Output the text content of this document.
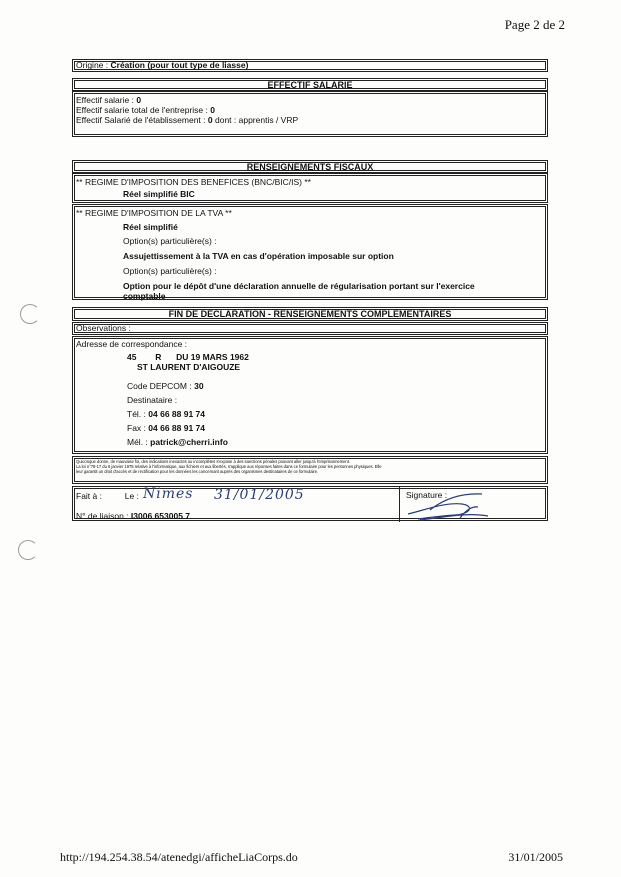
Page 2 de 2
Origine : Création (pour tout type de liasse)
EFFECTIF SALARIE
Effectif salarie : 0
Effectif salarie total de l'entreprise : 0
Effectif Salarié de l'établissement : 0 dont : apprentis / VRP
RENSEIGNEMENTS FISCAUX
** REGIME D'IMPOSITION DES BENEFICES (BNC/BIC/IS) **
Réel simplifié BIC
** REGIME D'IMPOSITION DE LA TVA **
Réel simplifié
Option(s) particulière(s) :
Assujettissement à la TVA en cas d'opération imposable sur option
Option(s) particulière(s) :
Option pour le dépôt d'une déclaration annuelle de régularisation portant sur l'exercice
comptable
FIN DE DECLARATION - RENSEIGNEMENTS COMPLEMENTAIRES
Observations :
Adresse de correspondance :
45 R DU 19 MARS 1962
ST LAURENT D'AIGOUZE
Code DEPCOM : 30
Destinataire :
Tél. : 04 66 88 91 74
Fax : 04 66 88 91 74
Mél. : patrick@cherri.info
Quiconque donne, de mauvaise foi, des indications inexactes ou incomplètes s'expose à des sanctions pénales pouvant aller jusqu'à l'emprisonnement.
La loi n°78-17 du 6 janvier 1978 relative à l'informatique, aux fichiers et aux libertés, s'applique aux réponses faites dans ce formulaire pour les personnes physiques. Elle
leur garantit un droit d'accès et de rectification pour les données les concernant auprès des organismes destinataires de ce formulaire.
Fait à :	Le :
N° de liaison : I3006 653005 7
Signature :
Nimes 31/01/2005
http://194.254.38.54/atenedgi/afficheLiaCorps.do	31/01/2005
